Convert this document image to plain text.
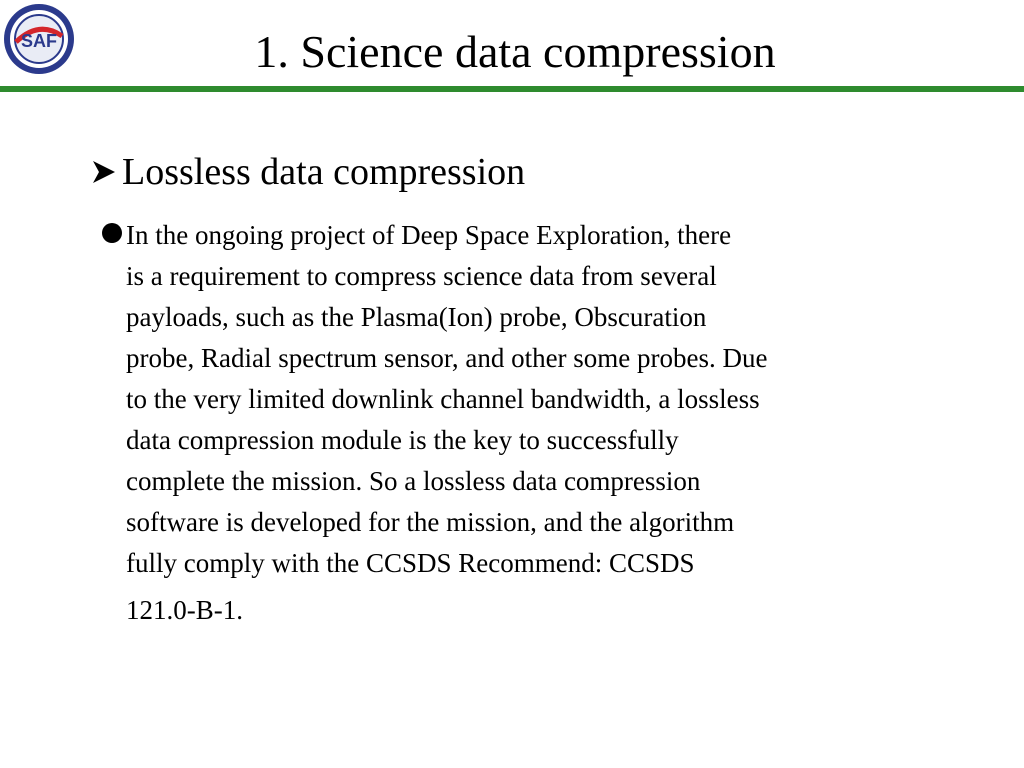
SAF	1. Science data compression
Lossless data compression
In the ongoing project of Deep Space Exploration, there
is a requirement to compress science data from several
payloads, such as the Plasma(Ion) probe, Obscuration
probe, Radial spectrum sensor, and other some probes. Due
to the very limited downlink channel bandwidth, a lossless
data compression module is the key to successfully
complete the mission. So a lossless data compression
software is developed for the mission, and the algorithm
fully comply with the CCSDS Recommend: CCSDS
121.0-B-1.
